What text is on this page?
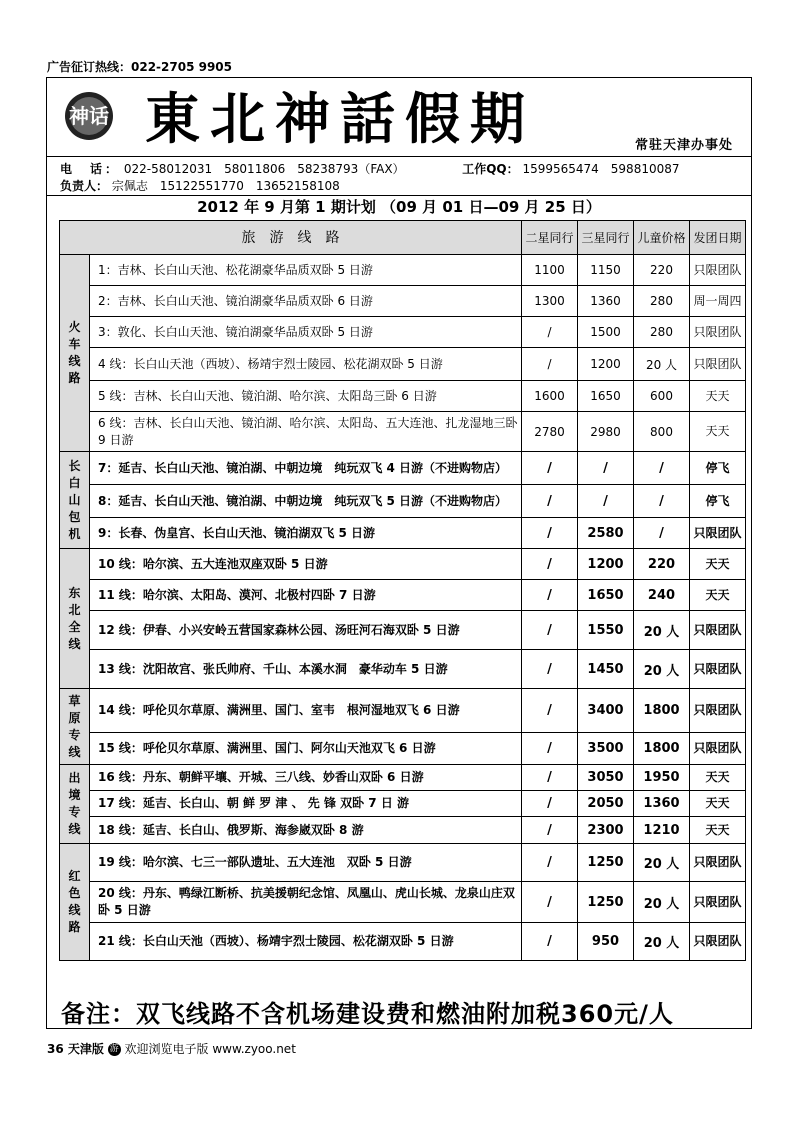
广告征订热线：022-2705 9905
神话 東北神話假期	常驻天津办事处
电　话： 022-58012031　58011806　58238793（FAX）	工作QQ： 1599565474　598810087
负责人： 宗佩志　15122551770　13652158108
2012 年 9 月第 1 期计划 （09 月 01 日—09 月 25 日）
旅　游　线　路		二星同行	三星同行	儿童价格	发团日期

火车线路	1：吉林、长白山天池、松花湖豪华品质双卧 5 日游	1100	1150	220	只限团队
	2：吉林、长白山天池、镜泊湖豪华品质双卧 6 日游	1300	1360	280	周一周四
	3：敦化、长白山天池、镜泊湖豪华品质双卧 5 日游	/	1500	280	只限团队
	4 线：长白山天池（西坡）、杨靖宇烈士陵园、松花湖双卧 5 日游	/	1200	20 人	只限团队
	5 线：吉林、长白山天池、镜泊湖、哈尔滨、太阳岛三卧 6 日游	1600	1650	600	天天
	6 线：吉林、长白山天池、镜泊湖、哈尔滨、太阳岛、五大连池、扎龙湿地三卧 9 日游	2780	2980	800	天天

长白山包机	7：延吉、长白山天池、镜泊湖、中朝边境　纯玩双飞 4 日游（不进购物店）	/	/	/	停飞
	8：延吉、长白山天池、镜泊湖、中朝边境　纯玩双飞 5 日游（不进购物店）	/	/	/	停飞
	9：长春、伪皇宫、长白山天池、镜泊湖双飞 5 日游	/	2580	/	只限团队

东北全线	10 线：哈尔滨、五大连池双座双卧 5 日游	/	1200	220	天天
	11 线：哈尔滨、太阳岛、漠河、北极村四卧 7 日游	/	1650	240	天天
	12 线：伊春、小兴安岭五营国家森林公园、汤旺河石海双卧 5 日游	/	1550	20 人	只限团队
	13 线：沈阳故宫、张氏帅府、千山、本溪水洞　豪华动车 5 日游	/	1450	20 人	只限团队

草原专线	14 线：呼伦贝尔草原、满洲里、国门、室韦　根河湿地双飞 6 日游	/	3400	1800	只限团队
	15 线：呼伦贝尔草原、满洲里、国门、阿尔山天池双飞 6 日游	/	3500	1800	只限团队

出境专线	16 线：丹东、朝鲜平壤、开城、三八线、妙香山双卧 6 日游	/	3050	1950	天天
	17 线：延吉、长白山、朝 鲜 罗 津 、 先 锋 双卧 7 日 游	/	2050	1360	天天
	18 线：延吉、长白山、俄罗斯、海参崴双卧 8 游	/	2300	1210	天天

红色线路	19 线：哈尔滨、七三一部队遗址、五大连池　双卧 5 日游	/	1250	20 人	只限团队
	20 线：丹东、鸭绿江断桥、抗美援朝纪念馆、凤凰山、虎山长城、龙泉山庄双卧 5 日游	/	1250	20 人	只限团队
	21 线：长白山天池（西坡）、杨靖宇烈士陵园、松花湖双卧 5 日游	/	950	20 人	只限团队
备注：双飞线路不含机场建设费和燃油附加税360元/人
36 天津版 游 欢迎浏览电子版 www.zyoo.net
